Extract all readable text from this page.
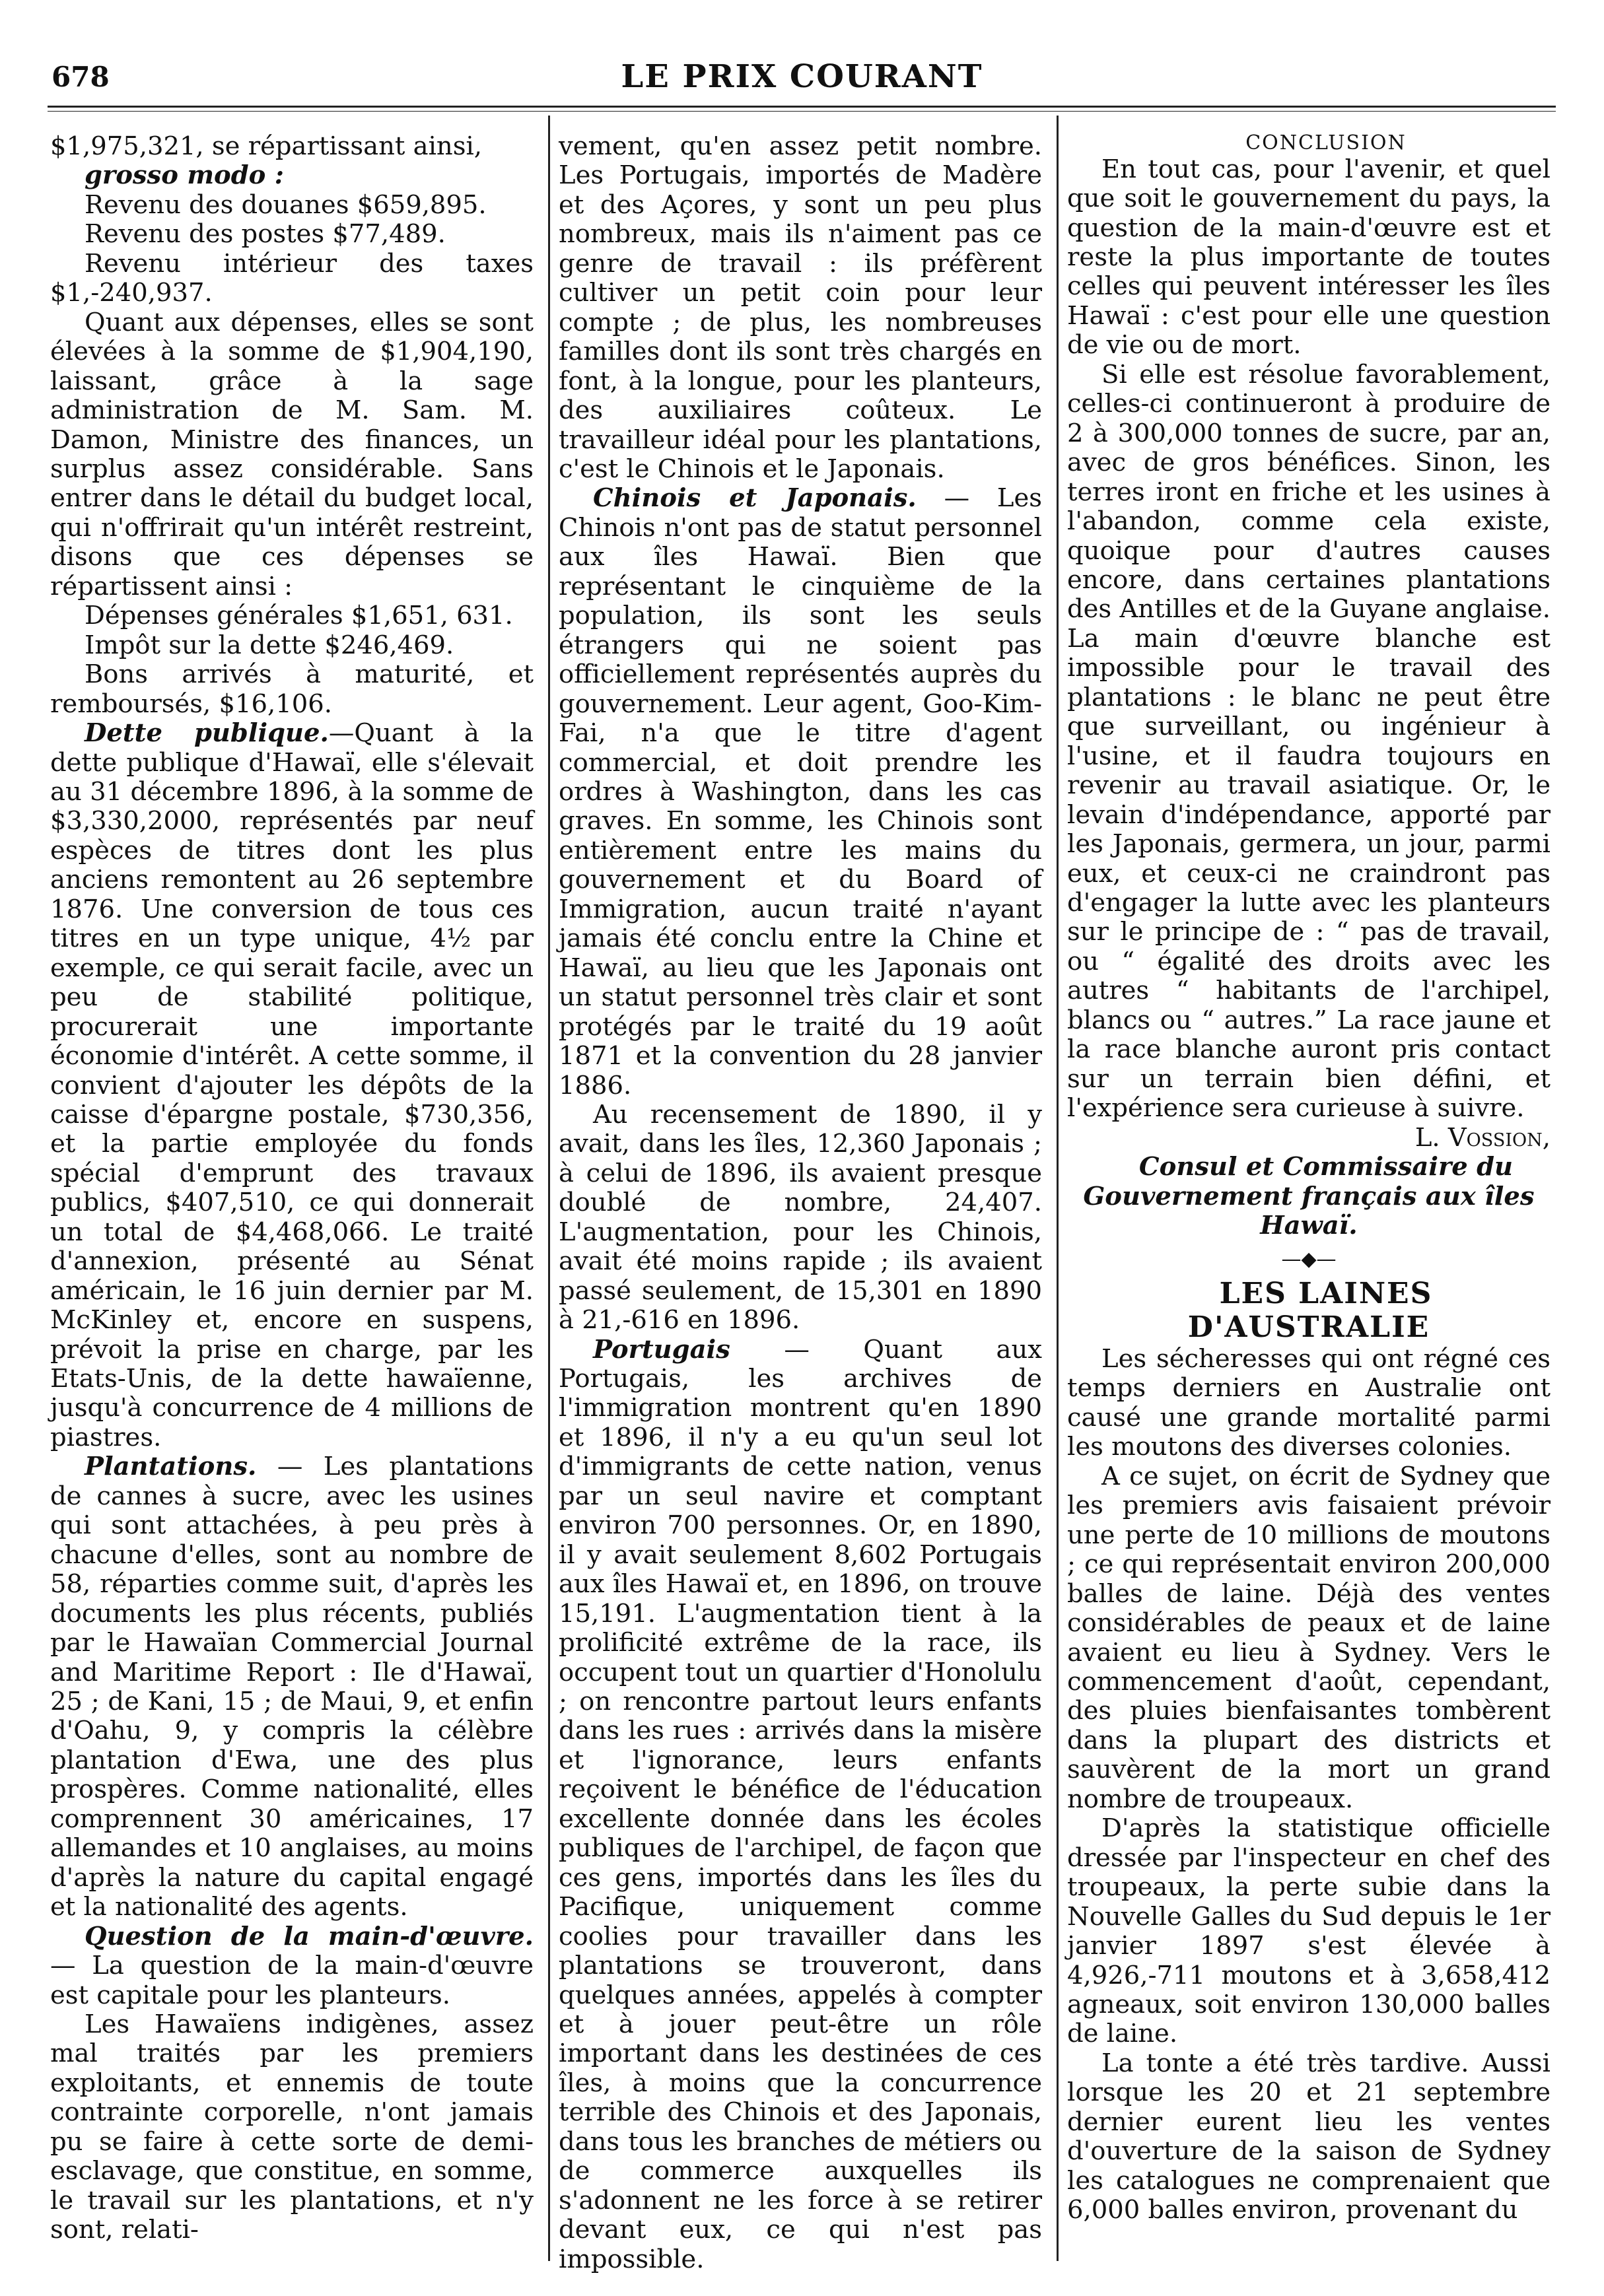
678	LE PRIX COURANT

$1,975,321, se répartissant ainsi,

grosso modo :

Revenu des douanes $659,895.

Revenu des postes $77,489.

Revenu intérieur des taxes $1,-240,937.

Quant aux dépenses, elles se sont élevées à la somme de $1,904,190, laissant, grâce à la sage administration de M. Sam. M. Damon, Ministre des finances, un surplus assez considérable. Sans entrer dans le détail du budget local, qui n'offrirait qu'un intérêt restreint, disons que ces dépenses se répartissent ainsi :

Dépenses générales $1,651, 631.

Impôt sur la dette $246,469.

Bons arrivés à maturité, et remboursés, $16,106.

Dette publique.—Quant à la dette publique d'Hawaï, elle s'élevait au 31 décembre 1896, à la somme de $3,330,2000, représentés par neuf espèces de titres dont les plus anciens remontent au 26 septembre 1876. Une conversion de tous ces titres en un type unique, 4½ par exemple, ce qui serait facile, avec un peu de stabilité politique, procurerait une importante économie d'intérêt. A cette somme, il convient d'ajouter les dépôts de la caisse d'épargne postale, $730,356, et la partie employée du fonds spécial d'emprunt des travaux publics, $407,510, ce qui donnerait un total de $4,468,066. Le traité d'annexion, présenté au Sénat américain, le 16 juin dernier par M. McKinley et, encore en suspens, prévoit la prise en charge, par les Etats-Unis, de la dette hawaïenne, jusqu'à concurrence de 4 millions de piastres.

Plantations. — Les plantations de cannes à sucre, avec les usines qui sont attachées, à peu près à chacune d'elles, sont au nombre de 58, réparties comme suit, d'après les documents les plus récents, publiés par le Hawaïan Commercial Journal and Maritime Report : Ile d'Hawaï, 25 ; de Kani, 15 ; de Maui, 9, et enfin d'Oahu, 9, y compris la célèbre plantation d'Ewa, une des plus prospères. Comme nationalité, elles comprennent 30 américaines, 17 allemandes et 10 anglaises, au moins d'après la nature du capital engagé et la nationalité des agents.

Question de la main-d'œuvre. — La question de la main-d'œuvre est capitale pour les planteurs.

Les Hawaïens indigènes, assez mal traités par les premiers exploitants, et ennemis de toute contrainte corporelle, n'ont jamais pu se faire à cette sorte de demi-esclavage, que constitue, en somme, le travail sur les plantations, et n'y sont, relati-

vement, qu'en assez petit nombre. Les Portugais, importés de Madère et des Açores, y sont un peu plus nombreux, mais ils n'aiment pas ce genre de travail : ils préfèrent cultiver un petit coin pour leur compte ; de plus, les nombreuses familles dont ils sont très chargés en font, à la longue, pour les planteurs, des auxiliaires coûteux. Le travailleur idéal pour les plantations, c'est le Chinois et le Japonais.

Chinois et Japonais. — Les Chinois n'ont pas de statut personnel aux îles Hawaï. Bien que représentant le cinquième de la population, ils sont les seuls étrangers qui ne soient pas officiellement représentés auprès du gouvernement. Leur agent, Goo-Kim-Fai, n'a que le titre d'agent commercial, et doit prendre les ordres à Washington, dans les cas graves. En somme, les Chinois sont entièrement entre les mains du gouvernement et du Board of Immigration, aucun traité n'ayant jamais été conclu entre la Chine et Hawaï, au lieu que les Japonais ont un statut personnel très clair et sont protégés par le traité du 19 août 1871 et la convention du 28 janvier 1886.

Au recensement de 1890, il y avait, dans les îles, 12,360 Japonais ; à celui de 1896, ils avaient presque doublé de nombre, 24,407. L'augmentation, pour les Chinois, avait été moins rapide ; ils avaient passé seulement, de 15,301 en 1890 à 21,-616 en 1896.

Portugais — Quant aux Portugais, les archives de l'immigration montrent qu'en 1890 et 1896, il n'y a eu qu'un seul lot d'immigrants de cette nation, venus par un seul navire et comptant environ 700 personnes. Or, en 1890, il y avait seulement 8,602 Portugais aux îles Hawaï et, en 1896, on trouve 15,191. L'augmentation tient à la prolificité extrême de la race, ils occupent tout un quartier d'Honolulu ; on rencontre partout leurs enfants dans les rues : arrivés dans la misère et l'ignorance, leurs enfants reçoivent le bénéfice de l'éducation excellente donnée dans les écoles publiques de l'archipel, de façon que ces gens, importés dans les îles du Pacifique, uniquement comme coolies pour travailler dans les plantations se trouveront, dans quelques années, appelés à compter et à jouer peut-être un rôle important dans les destinées de ces îles, à moins que la concurrence terrible des Chinois et des Japonais, dans tous les branches de métiers ou de commerce auxquelles ils s'adonnent ne les force à se retirer devant eux, ce qui n'est pas impossible.

CONCLUSION

En tout cas, pour l'avenir, et quel que soit le gouvernement du pays, la question de la main-d'œuvre est et reste la plus importante de toutes celles qui peuvent intéresser les îles Hawaï : c'est pour elle une question de vie ou de mort.

Si elle est résolue favorablement, celles-ci continueront à produire de 2 à 300,000 tonnes de sucre, par an, avec de gros bénéfices. Sinon, les terres iront en friche et les usines à l'abandon, comme cela existe, quoique pour d'autres causes encore, dans certaines plantations des Antilles et de la Guyane anglaise. La main d'œuvre blanche est impossible pour le travail des plantations : le blanc ne peut être que surveillant, ou ingénieur à l'usine, et il faudra toujours en revenir au travail asiatique. Or, le levain d'indépendance, apporté par les Japonais, germera, un jour, parmi eux, et ceux-ci ne craindront pas d'engager la lutte avec les planteurs sur le principe de : “ pas de travail, ou “ égalité des droits avec les autres “ habitants de l'archipel, blancs ou “ autres.” La race jaune et la race blanche auront pris contact sur un terrain bien défini, et l'expérience sera curieuse à suivre.

L. Vossion,

Consul et Commissaire du Gouvernement français aux îles Hawaï.

—◆—

LES LAINES D'AUSTRALIE

Les sécheresses qui ont régné ces temps derniers en Australie ont causé une grande mortalité parmi les moutons des diverses colonies.

A ce sujet, on écrit de Sydney que les premiers avis faisaient prévoir une perte de 10 millions de moutons ; ce qui représentait environ 200,000 balles de laine. Déjà des ventes considérables de peaux et de laine avaient eu lieu à Sydney. Vers le commencement d'août, cependant, des pluies bienfaisantes tombèrent dans la plupart des districts et sauvèrent de la mort un grand nombre de troupeaux.

D'après la statistique officielle dressée par l'inspecteur en chef des troupeaux, la perte subie dans la Nouvelle Galles du Sud depuis le 1er janvier 1897 s'est élevée à 4,926,-711 moutons et à 3,658,412 agneaux, soit environ 130,000 balles de laine.

La tonte a été très tardive. Aussi lorsque les 20 et 21 septembre dernier eurent lieu les ventes d'ouverture de la saison de Sydney les catalogues ne comprenaient que 6,000 balles environ, provenant du
